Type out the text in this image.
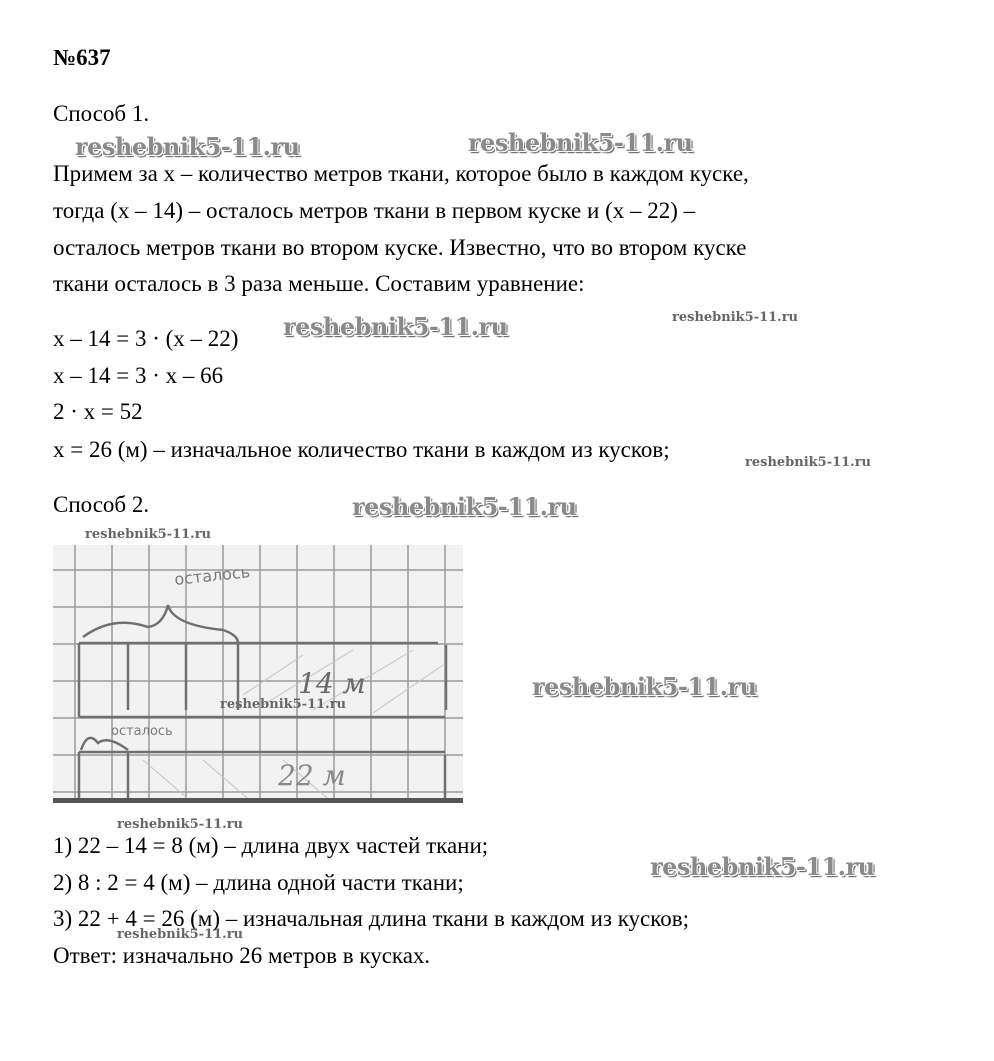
№637
Способ 1.
Примем за х – количество метров ткани, которое было в каждом куске,
тогда (х – 14) – осталось метров ткани в первом куске и (х – 22) –
осталось метров ткани во втором куске. Известно, что во втором куске
ткани осталось в 3 раза меньше. Составим уравнение:
х – 14 = 3 · (х – 22)
х – 14 = 3 · х – 66
2 · х = 52
х = 26 (м) – изначальное количество ткани в каждом из кусков;
Способ 2.
осталось
14 м
осталось
22 м
1) 22 – 14 = 8 (м) – длина двух частей ткани;
2) 8 : 2 = 4 (м) – длина одной части ткани;
3) 22 + 4 = 26 (м) – изначальная длина ткани в каждом из кусков;
Ответ: изначально 26 метров в кусках.
reshebnik5-11.ru	reshebnik5-11.ru
reshebnik5-11.ru
reshebnik5-11.ru
reshebnik5-11.ru
reshebnik5-11.ru
reshebnik5-11.ru
reshebnik5-11.ru
reshebnik5-11.ru
reshebnik5-11.ru
reshebnik5-11.ru
reshebnik5-11.ru
